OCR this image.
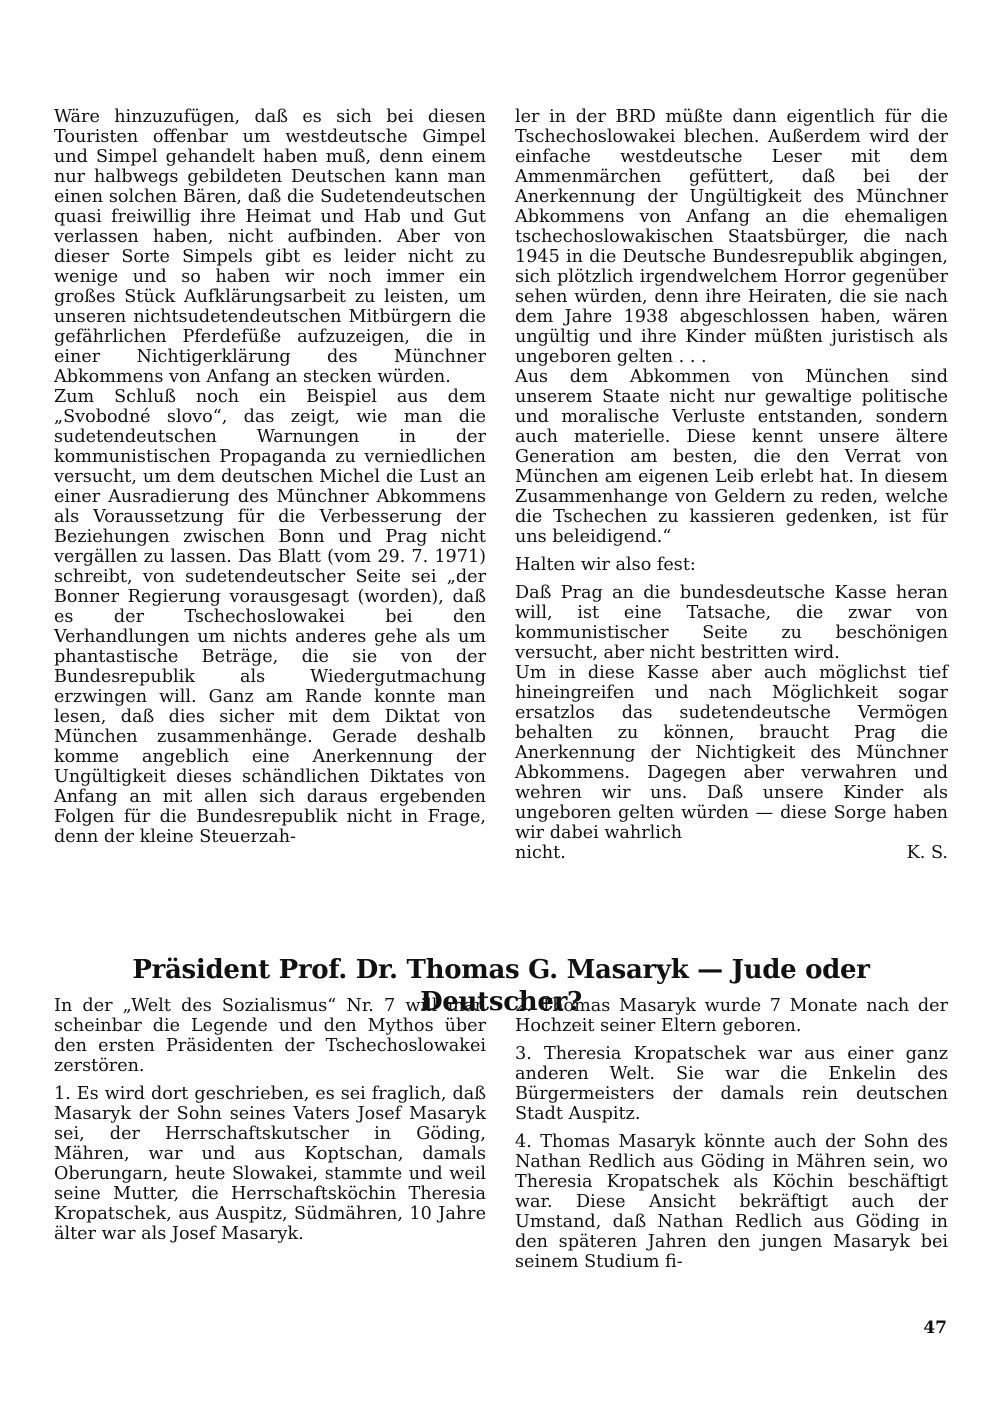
Wäre hinzuzufügen, daß es sich bei diesen Touristen offenbar um westdeutsche Gimpel und Simpel gehandelt haben muß, denn einem nur halbwegs gebildeten Deutschen kann man einen solchen Bären, daß die Sudetendeutschen quasi freiwillig ihre Heimat und Hab und Gut verlassen haben, nicht aufbinden. Aber von dieser Sorte Simpels gibt es leider nicht zu wenige und so haben wir noch immer ein großes Stück Aufklärungsarbeit zu leisten, um unseren nichtsudetendeutschen Mitbürgern die gefährlichen Pferdefüße aufzuzeigen, die in einer Nichtigerklärung des Münchner Abkommens von Anfang an stecken würden.

Zum Schluß noch ein Beispiel aus dem „Svobodné slovo“, das zeigt, wie man die sudetendeutschen Warnungen in der kommunistischen Propaganda zu verniedlichen versucht, um dem deutschen Michel die Lust an einer Ausradierung des Münchner Abkommens als Voraussetzung für die Verbesserung der Beziehungen zwischen Bonn und Prag nicht vergällen zu lassen. Das Blatt (vom 29. 7. 1971) schreibt, von sudetendeutscher Seite sei „der Bonner Regierung vorausgesagt (worden), daß es der Tschechoslowakei bei den Verhandlungen um nichts anderes gehe als um phantastische Beträge, die sie von der Bundesrepublik als Wiedergutmachung erzwingen will. Ganz am Rande konnte man lesen, daß dies sicher mit dem Diktat von München zusammenhänge. Gerade deshalb komme angeblich eine Anerkennung der Ungültigkeit dieses schändlichen Diktates von Anfang an mit allen sich daraus ergebenden Folgen für die Bundesrepublik nicht in Frage, denn der kleine Steuerzah-

ler in der BRD müßte dann eigentlich für die Tschechoslowakei blechen. Außerdem wird der einfache westdeutsche Leser mit dem Ammenmärchen gefüttert, daß bei der Anerkennung der Ungültigkeit des Münchner Abkommens von Anfang an die ehemaligen tschechoslowakischen Staatsbürger, die nach 1945 in die Deutsche Bundesrepublik abgingen, sich plötzlich irgendwelchem Horror gegenüber sehen würden, denn ihre Heiraten, die sie nach dem Jahre 1938 abgeschlossen haben, wären ungültig und ihre Kinder müßten juristisch als ungeboren gelten . . .

Aus dem Abkommen von München sind unserem Staate nicht nur gewaltige politische und moralische Verluste entstanden, sondern auch materielle. Diese kennt unsere ältere Generation am besten, die den Verrat von München am eigenen Leib erlebt hat. In diesem Zusammenhange von Geldern zu reden, welche die Tschechen zu kassieren gedenken, ist für uns beleidigend.“

Halten wir also fest:

Daß Prag an die bundesdeutsche Kasse heran will, ist eine Tatsache, die zwar von kommunistischer Seite zu beschönigen versucht, aber nicht bestritten wird.

Um in diese Kasse aber auch möglichst tief hineingreifen und nach Möglichkeit sogar ersatzlos das sudetendeutsche Vermögen behalten zu können, braucht Prag die Anerkennung der Nichtigkeit des Münchner Abkommens. Dagegen aber verwahren und wehren wir uns. Daß unsere Kinder als ungeboren gelten würden — diese Sorge haben wir dabei wahrlich

nicht.	K. S.
Präsident Prof. Dr. Thomas G. Masaryk — Jude oder Deutscher?

In der „Welt des Sozialismus“ Nr. 7 will man scheinbar die Legende und den Mythos über den ersten Präsidenten der Tschechoslowakei zerstören.

1. Es wird dort geschrieben, es sei fraglich, daß Masaryk der Sohn seines Vaters Josef Masaryk sei, der Herrschaftskutscher in Göding, Mähren, war und aus Koptschan, damals Oberungarn, heute Slowakei, stammte und weil seine Mutter, die Herrschaftsköchin Theresia Kropatschek, aus Auspitz, Südmähren, 10 Jahre älter war als Josef Masaryk.

2. Thomas Masaryk wurde 7 Monate nach der Hochzeit seiner Eltern geboren.

3. Theresia Kropatschek war aus einer ganz anderen Welt. Sie war die Enkelin des Bürgermeisters der damals rein deutschen Stadt Auspitz.

4. Thomas Masaryk könnte auch der Sohn des Nathan Redlich aus Göding in Mähren sein, wo Theresia Kropatschek als Köchin beschäftigt war. Diese Ansicht bekräftigt auch der Umstand, daß Nathan Redlich aus Göding in den späteren Jahren den jungen Masaryk bei seinem Studium fi-

47
